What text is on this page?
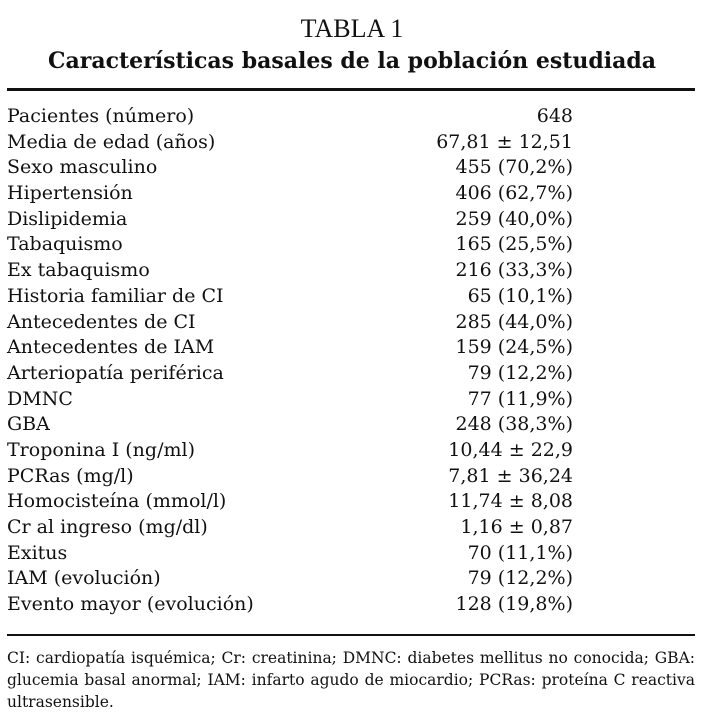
TABLA 1
Características basales de la población estudiada
Pacientes (número)	648
Media de edad (años)	67,81 ± 12,51
Sexo masculino	455 (70,2%)
Hipertensión	406 (62,7%)
Dislipidemia	259 (40,0%)
Tabaquismo	165 (25,5%)
Ex tabaquismo	216 (33,3%)
Historia familiar de CI	65 (10,1%)
Antecedentes de CI	285 (44,0%)
Antecedentes de IAM	159 (24,5%)
Arteriopatía periférica	79 (12,2%)
DMNC	77 (11,9%)
GBA	248 (38,3%)
Troponina I (ng/ml)	10,44 ± 22,9
PCRas (mg/l)	7,81 ± 36,24
Homocisteína (mmol/l)	11,74 ± 8,08
Cr al ingreso (mg/dl)	1,16 ± 0,87
Exitus	70 (11,1%)
IAM (evolución)	79 (12,2%)
Evento mayor (evolución)	128 (19,8%)
CI: cardiopatía isquémica; Cr: creatinina; DMNC: diabetes mellitus no conocida; GBA: glucemia basal anormal; IAM: infarto agudo de miocardio; PCRas: proteína C reactiva ultrasensible.
